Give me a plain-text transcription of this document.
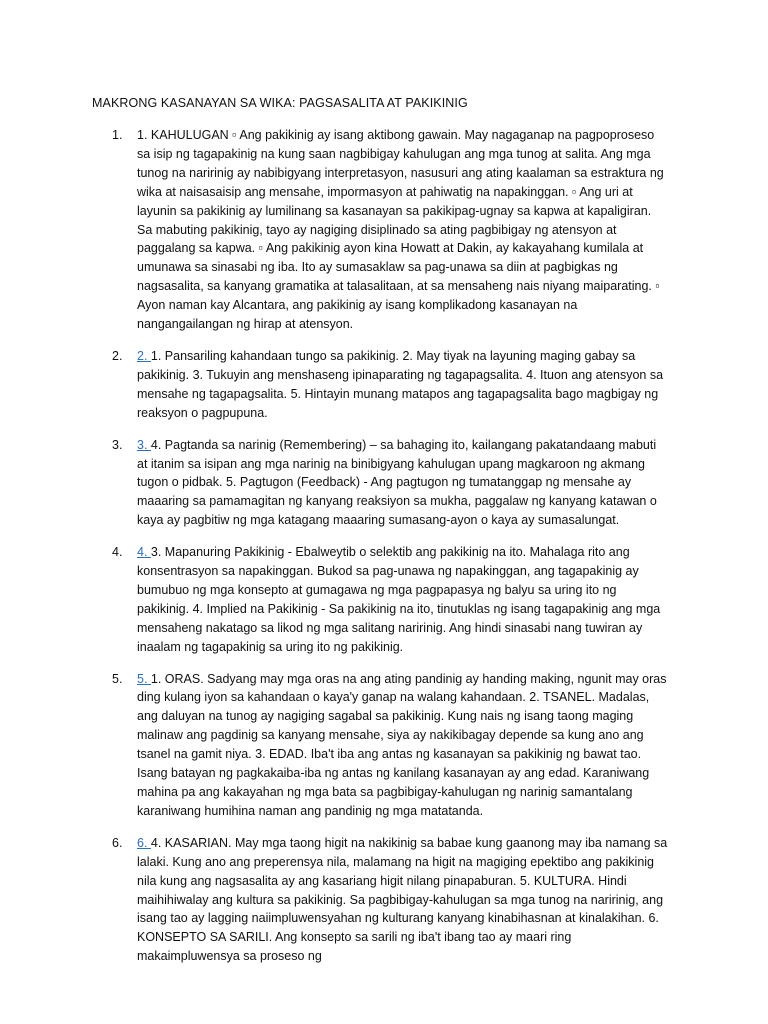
MAKRONG KASANAYAN SA WIKA: PAGSASALITA AT PAKIKINIG
1. 1. KAHULUGAN ▫ Ang pakikinig ay isang aktibong gawain. May nagaganap na pagpoproseso sa isip ng tagapakinig na kung saan nagbibigay kahulugan ang mga tunog at salita. Ang mga tunog na naririnig ay nabibigyang interpretasyon, nasusuri ang ating kaalaman sa estraktura ng wika at naisasaisip ang mensahe, impormasyon at pahiwatig na napakinggan. ▫ Ang uri at layunin sa pakikinig ay lumilinang sa kasanayan sa pakikipag-ugnay sa kapwa at kapaligiran. Sa mabuting pakikinig, tayo ay nagiging disiplinado sa ating pagbibigay ng atensyon at paggalang sa kapwa. ▫ Ang pakikinig ayon kina Howatt at Dakin, ay kakayahang kumilala at umunawa sa sinasabi ng iba. Ito ay sumasaklaw sa pag-unawa sa diin at pagbigkas ng nagsasalita, sa kanyang gramatika at talasalitaan, at sa mensaheng nais niyang maiparating. ▫ Ayon naman kay Alcantara, ang pakikinig ay isang komplikadong kasanayan na nangangailangan ng hirap at atensyon.
2. 2. 1. Pansariling kahandaan tungo sa pakikinig. 2. May tiyak na layuning maging gabay sa pakikinig. 3. Tukuyin ang menshaseng ipinaparating ng tagapagsalita. 4. Ituon ang atensyon sa mensahe ng tagapagsalita. 5. Hintayin munang matapos ang tagapagsalita bago magbigay ng reaksyon o pagpupuna.
3. 3. 4. Pagtanda sa narinig (Remembering) – sa bahaging ito, kailangang pakatandaang mabuti at itanim sa isipan ang mga narinig na binibigyang kahulugan upang magkaroon ng akmang tugon o pidbak. 5. Pagtugon (Feedback) - Ang pagtugon ng tumatanggap ng mensahe ay maaaring sa pamamagitan ng kanyang reaksiyon sa mukha, paggalaw ng kanyang katawan o kaya ay pagbitiw ng mga katagang maaaring sumasang-ayon o kaya ay sumasalungat.
4. 4. 3. Mapanuring Pakikinig - Ebalweytib o selektib ang pakikinig na ito. Mahalaga rito ang konsentrasyon sa napakinggan. Bukod sa pag-unawa ng napakinggan, ang tagapakinig ay bumubuo ng mga konsepto at gumagawa ng mga pagpapasya ng balyu sa uring ito ng pakikinig. 4. Implied na Pakikinig - Sa pakikinig na ito, tinutuklas ng isang tagapakinig ang mga mensaheng nakatago sa likod ng mga salitang naririnig. Ang hindi sinasabi nang tuwiran ay inaalam ng tagapakinig sa uring ito ng pakikinig.
5. 5. 1. ORAS. Sadyang may mga oras na ang ating pandinig ay handing making, ngunit may oras ding kulang iyon sa kahandaan o kaya'y ganap na walang kahandaan. 2. TSANEL. Madalas, ang daluyan na tunog ay nagiging sagabal sa pakikinig. Kung nais ng isang taong maging malinaw ang pagdinig sa kanyang mensahe, siya ay nakikibagay depende sa kung ano ang tsanel na gamit niya. 3. EDAD. Iba't iba ang antas ng kasanayan sa pakikinig ng bawat tao. Isang batayan ng pagkakaiba-iba ng antas ng kanilang kasanayan ay ang edad. Karaniwang mahina pa ang kakayahan ng mga bata sa pagbibigay-kahulugan ng narinig samantalang karaniwang humihina naman ang pandinig ng mga matatanda.
6. 6. 4. KASARIAN. May mga taong higit na nakikinig sa babae kung gaanong may iba namang sa lalaki. Kung ano ang preperensya nila, malamang na higit na magiging epektibo ang pakikinig nila kung ang nagsasalita ay ang kasariang higit nilang pinapaburan. 5. KULTURA. Hindi maihihiwalay ang kultura sa pakikinig. Sa pagbibigay-kahulugan sa mga tunog na naririnig, ang isang tao ay lagging naiimpluwensyahan ng kulturang kanyang kinabihasnan at kinalakihan. 6. KONSEPTO SA SARILI. Ang konsepto sa sarili ng iba't ibang tao ay maari ring makaimpluwensya sa proseso ng
